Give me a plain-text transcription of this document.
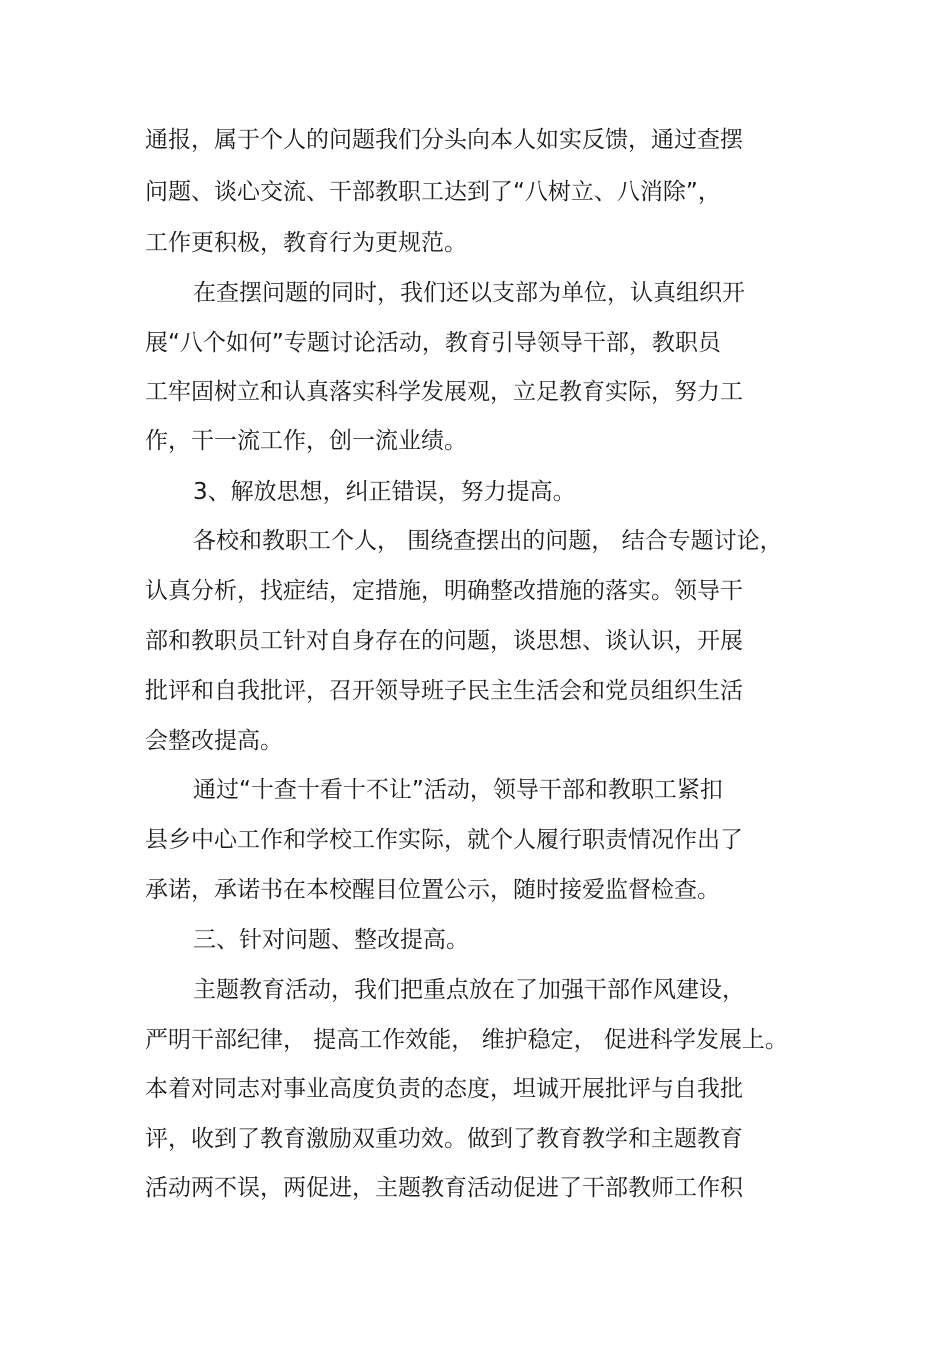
通报，属于个人的问题我们分头向本人如实反馈，通过查摆
问题、谈心交流、干部教职工达到了“八树立、八消除”，
工作更积极，教育行为更规范。
在查摆问题的同时，我们还以支部为单位，认真组织开
展“八个如何”专题讨论活动，教育引导领导干部，教职员
工牢固树立和认真落实科学发展观，立足教育实际，努力工
作，干一流工作，创一流业绩。
3、解放思想，纠正错误，努力提高。
各校和教职工个人， 围绕查摆出的问题， 结合专题讨论，
认真分析，找症结，定措施，明确整改措施的落实。领导干
部和教职员工针对自身存在的问题，谈思想、谈认识，开展
批评和自我批评，召开领导班子民主生活会和党员组织生活
会整改提高。
通过“十查十看十不让”活动，领导干部和教职工紧扣
县乡中心工作和学校工作实际，就个人履行职责情况作出了
承诺，承诺书在本校醒目位置公示，随时接爱监督检查。
三、针对问题、整改提高。
主题教育活动，我们把重点放在了加强干部作风建设，
严明干部纪律， 提高工作效能， 维护稳定， 促进科学发展上。
本着对同志对事业高度负责的态度，坦诚开展批评与自我批
评，收到了教育激励双重功效。做到了教育教学和主题教育
活动两不误，两促进，主题教育活动促进了干部教师工作积
